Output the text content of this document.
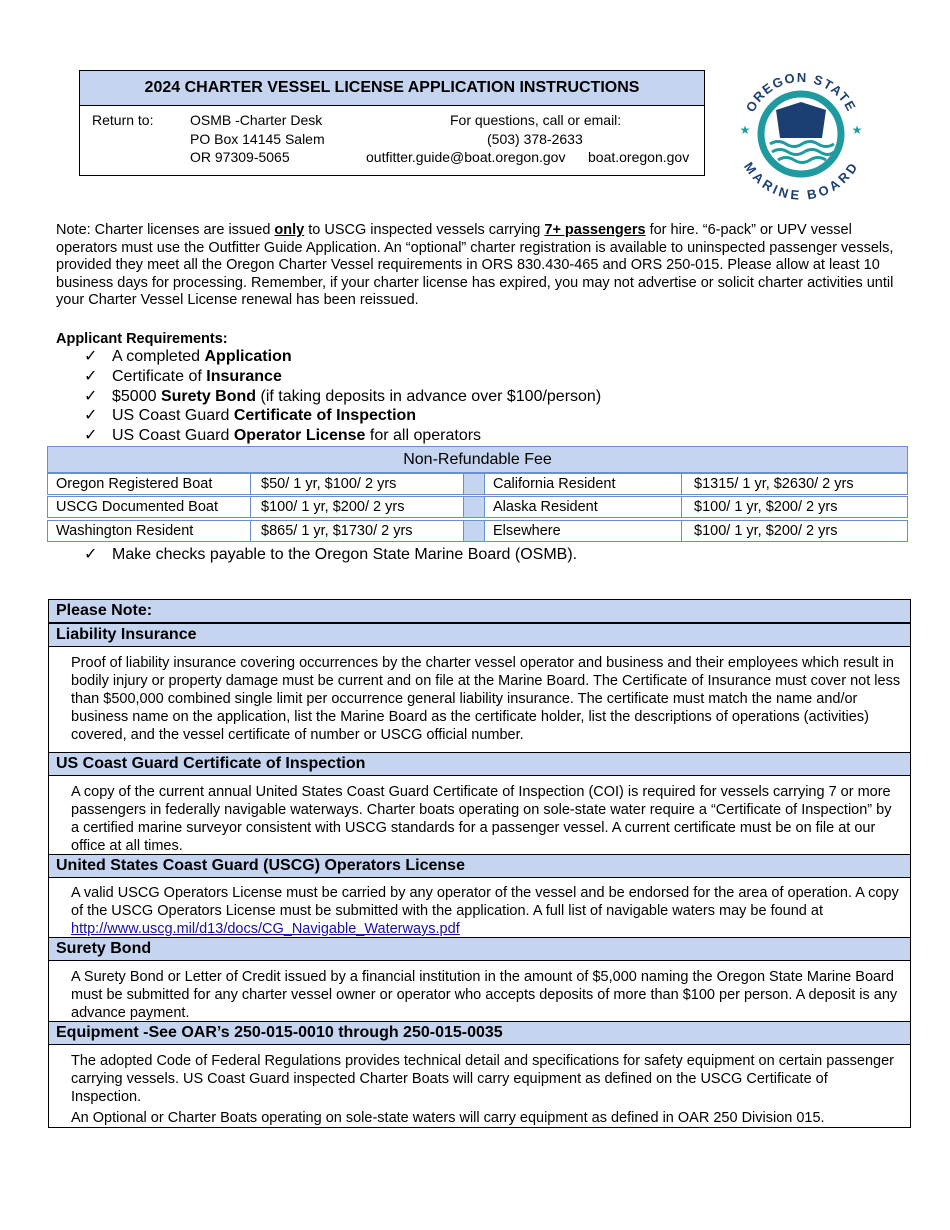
2024 CHARTER VESSEL LICENSE APPLICATION INSTRUCTIONS
Return to:	OSMB -Charter Desk
PO Box 14145 Salem
OR 97309-5065
For questions, call or email:
(503) 378-2633
outfitter.guide@boat.oregon.gov boat.oregon.gov
OREGON STATE
MARINE BOARD
★	★
Note: Charter licenses are issued only to USCG inspected vessels carrying 7+ passengers for hire. “6-pack” or UPV vessel operators must use the Outfitter Guide Application. An “optional” charter registration is available to uninspected passenger vessels, provided they meet all the Oregon Charter Vessel requirements in ORS 830.430-465 and ORS 250-015. Please allow at least 10 business days for processing. Remember, if your charter license has expired, you may not advertise or solicit charter activities until your Charter Vessel License renewal has been reissued.
Applicant Requirements:
✓ A completed Application
✓ Certificate of Insurance
✓ $5000 Surety Bond (if taking deposits in advance over $100/person)
✓ US Coast Guard Certificate of Inspection
✓ US Coast Guard Operator License for all operators
Non-Refundable Fee
Oregon Registered Boat	$50/ 1 yr, $100/ 2 yrs	California Resident	$1315/ 1 yr, $2630/ 2 yrs
USCG Documented Boat	$100/ 1 yr, $200/ 2 yrs	Alaska Resident	$100/ 1 yr, $200/ 2 yrs
Washington Resident	$865/ 1 yr, $1730/ 2 yrs	Elsewhere	$100/ 1 yr, $200/ 2 yrs
✓ Make checks payable to the Oregon State Marine Board (OSMB).
Please Note:
Liability Insurance
Proof of liability insurance covering occurrences by the charter vessel operator and business and their employees which result in bodily injury or property damage must be current and on file at the Marine Board. The Certificate of Insurance must cover not less than $500,000 combined single limit per occurrence general liability insurance. The certificate must match the name and/or business name on the application, list the Marine Board as the certificate holder, list the descriptions of operations (activities) covered, and the vessel certificate of number or USCG official number.
US Coast Guard Certificate of Inspection
A copy of the current annual United States Coast Guard Certificate of Inspection (COI) is required for vessels carrying 7 or more passengers in federally navigable waterways. Charter boats operating on sole-state water require a “Certificate of Inspection” by a certified marine surveyor consistent with USCG standards for a passenger vessel. A current certificate must be on file at our office at all times.
United States Coast Guard (USCG) Operators License
A valid USCG Operators License must be carried by any operator of the vessel and be endorsed for the area of operation. A copy of the USCG Operators License must be submitted with the application. A full list of navigable waters may be found at http://www.uscg.mil/d13/docs/CG_Navigable_Waterways.pdf
Surety Bond
A Surety Bond or Letter of Credit issued by a financial institution in the amount of $5,000 naming the Oregon State Marine Board must be submitted for any charter vessel owner or operator who accepts deposits of more than $100 per person. A deposit is any advance payment.
Equipment -See OAR’s 250-015-0010 through 250-015-0035
The adopted Code of Federal Regulations provides technical detail and specifications for safety equipment on certain passenger carrying vessels. US Coast Guard inspected Charter Boats will carry equipment as defined on the USCG Certificate of Inspection.
An Optional or Charter Boats operating on sole-state waters will carry equipment as defined in OAR 250 Division 015.
